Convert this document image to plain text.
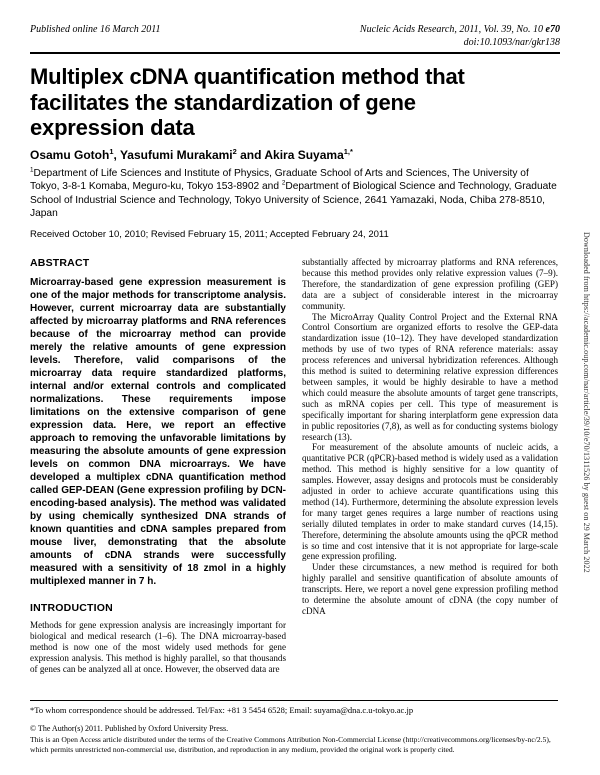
Published online 16 March 2011	Nucleic Acids Research, 2011, Vol. 39, No. 10 e70
doi:10.1093/nar/gkr138
Multiplex cDNA quantification method that facilitates the standardization of gene expression data
Osamu Gotoh$^1$, Yasufumi Murakami$^2$ and Akira Suyama$^{1,*}$
$^1$Department of Life Sciences and Institute of Physics, Graduate School of Arts and Sciences, The University of Tokyo, 3-8-1 Komaba, Meguro-ku, Tokyo 153-8902 and $^2$Department of Biological Science and Technology, Graduate School of Industrial Science and Technology, Tokyo University of Science, 2641 Yamazaki, Noda, Chiba 278-8510, Japan
Received October 10, 2010; Revised February 15, 2011; Accepted February 24, 2011
ABSTRACT
Microarray-based gene expression measurement is one of the major methods for transcriptome analysis. However, current microarray data are substantially affected by microarray platforms and RNA references because of the microarray method can provide merely the relative amounts of gene expression levels. Therefore, valid comparisons of the microarray data require standardized platforms, internal and/or external controls and complicated normalizations. These requirements impose limitations on the extensive comparison of gene expression data. Here, we report an effective approach to removing the unfavorable limitations by measuring the absolute amounts of gene expression levels on common DNA microarrays. We have developed a multiplex cDNA quantification method called GEP-DEAN (Gene expression profiling by DCN-encoding-based analysis). The method was validated by using chemically synthesized DNA strands of known quantities and cDNA samples prepared from mouse liver, demonstrating that the absolute amounts of cDNA strands were successfully measured with a sensitivity of 18 zmol in a highly multiplexed manner in 7 h.
INTRODUCTION

Methods for gene expression analysis are increasingly important for biological and medical research (1–6). The DNA microarray-based method is now one of the most widely used methods for gene expression analysis. This method is highly parallel, so that thousands of genes can be analyzed all at once. However, the observed data are

substantially affected by microarray platforms and RNA references, because this method provides only relative expression values (7–9). Therefore, the standardization of gene expression profiling (GEP) data are a subject of considerable interest in the microarray community.

The MicroArray Quality Control Project and the External RNA Control Consortium are organized efforts to resolve the GEP-data standardization issue (10–12). They have developed standardization methods by use of two types of RNA reference materials: assay process references and universal hybridization references. Although this method is suited to determining relative expression differences between samples, it would be highly desirable to have a method which could measure the absolute amounts of target gene transcripts, such as mRNA copies per cell. This type of measurement is specifically important for sharing interplatform gene expression data in public repositories (7,8), as well as for conducting systems biology research (13).

For measurement of the absolute amounts of nucleic acids, a quantitative PCR (qPCR)-based method is widely used as a validation method. This method is highly sensitive for a low quantity of samples. However, assay designs and protocols must be considerably adjusted in order to achieve accurate quantifications using this method (14). Furthermore, determining the absolute expression levels for many target genes requires a large number of reactions using serially diluted templates in order to make standard curves (14,15). Therefore, determining the absolute amounts using the qPCR method is so time and cost intensive that it is not appropriate for large-scale gene expression profiling.

Under these circumstances, a new method is required for both highly parallel and sensitive quantification of absolute amounts of transcripts. Here, we report a novel gene expression profiling method to determine the absolute amount of cDNA (the copy number of cDNA

Downloaded from https://academic.oup.com/nar/article/39/10/e70/1311526 by guest on 29 March 2022
*To whom correspondence should be addressed. Tel/Fax: +81 3 5454 6528; Email: suyama@dna.c.u-tokyo.ac.jp
© The Author(s) 2011. Published by Oxford University Press.
This is an Open Access article distributed under the terms of the Creative Commons Attribution Non-Commercial License (http://creativecommons.org/licenses/by-nc/2.5), which permits unrestricted non-commercial use, distribution, and reproduction in any medium, provided the original work is properly cited.
